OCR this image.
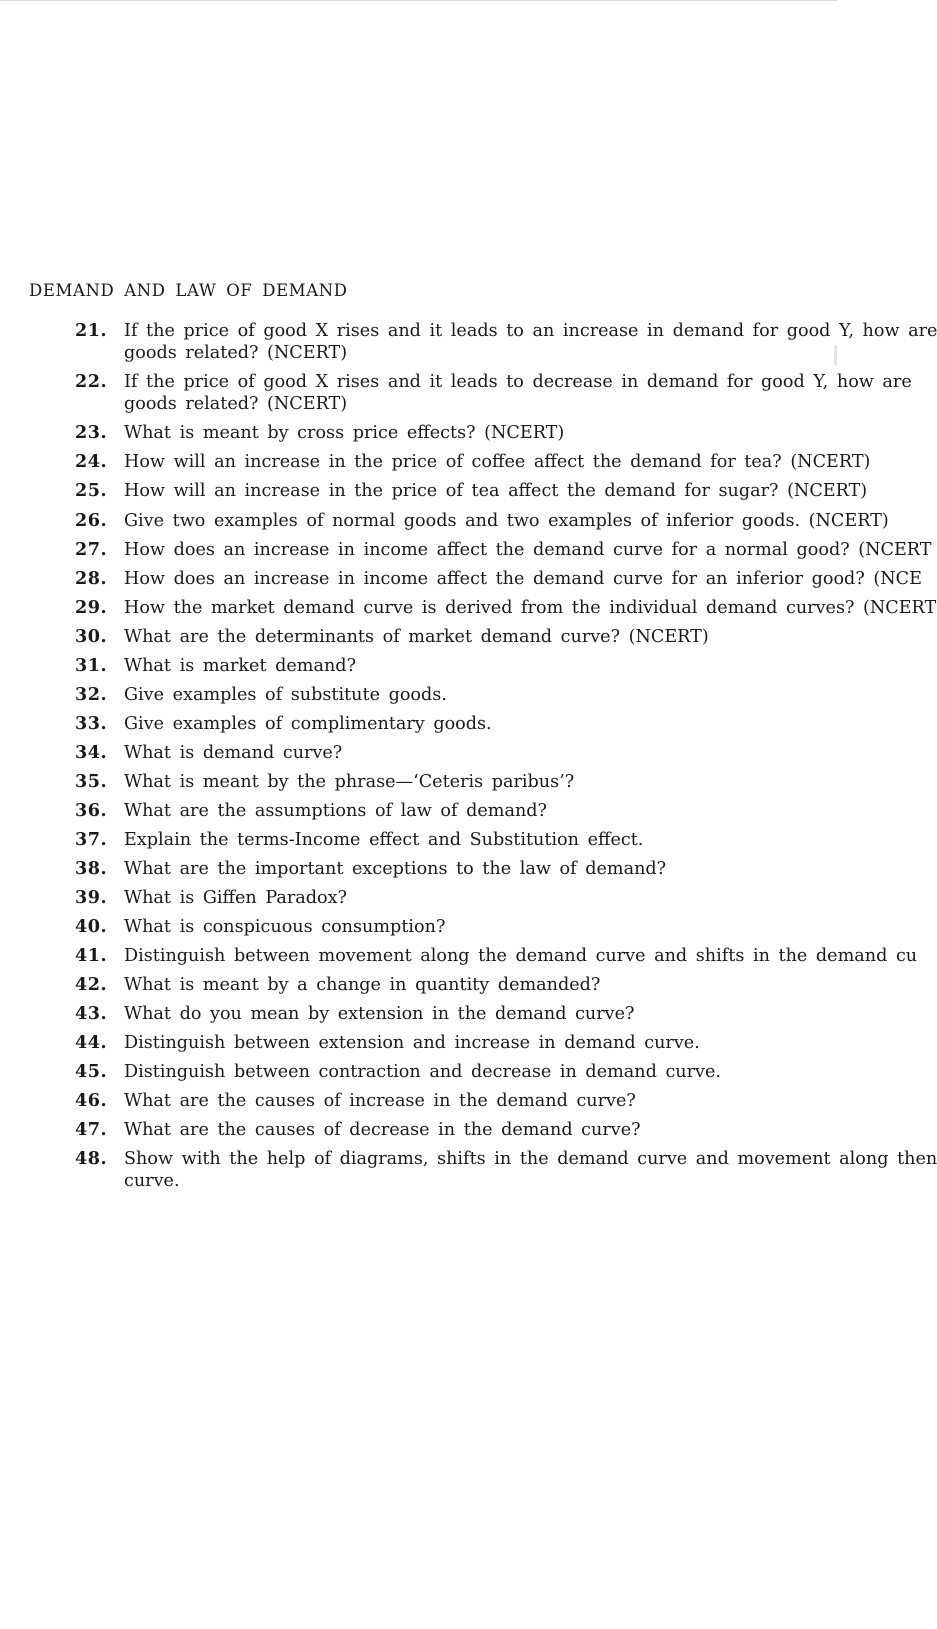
DEMAND AND LAW OF DEMAND
21. If the price of good X rises and it leads to an increase in demand for good Y, how are
goods related? (NCERT)
22. If the price of good X rises and it leads to decrease in demand for good Y, how are
goods related? (NCERT)
23. What is meant by cross price effects? (NCERT)
24. How will an increase in the price of coffee affect the demand for tea? (NCERT)
25. How will an increase in the price of tea affect the demand for sugar? (NCERT)
26. Give two examples of normal goods and two examples of inferior goods. (NCERT)
27. How does an increase in income affect the demand curve for a normal good? (NCERT
28. How does an increase in income affect the demand curve for an inferior good? (NCE
29. How the market demand curve is derived from the individual demand curves? (NCERT
30. What are the determinants of market demand curve? (NCERT)
31. What is market demand?
32. Give examples of substitute goods.
33. Give examples of complimentary goods.
34. What is demand curve?
35. What is meant by the phrase—‘Ceteris paribus’?
36. What are the assumptions of law of demand?
37. Explain the terms-Income effect and Substitution effect.
38. What are the important exceptions to the law of demand?
39. What is Giffen Paradox?
40. What is conspicuous consumption?
41. Distinguish between movement along the demand curve and shifts in the demand cu
42. What is meant by a change in quantity demanded?
43. What do you mean by extension in the demand curve?
44. Distinguish between extension and increase in demand curve.
45. Distinguish between contraction and decrease in demand curve.
46. What are the causes of increase in the demand curve?
47. What are the causes of decrease in the demand curve?
48. Show with the help of diagrams, shifts in the demand curve and movement along then
curve.
